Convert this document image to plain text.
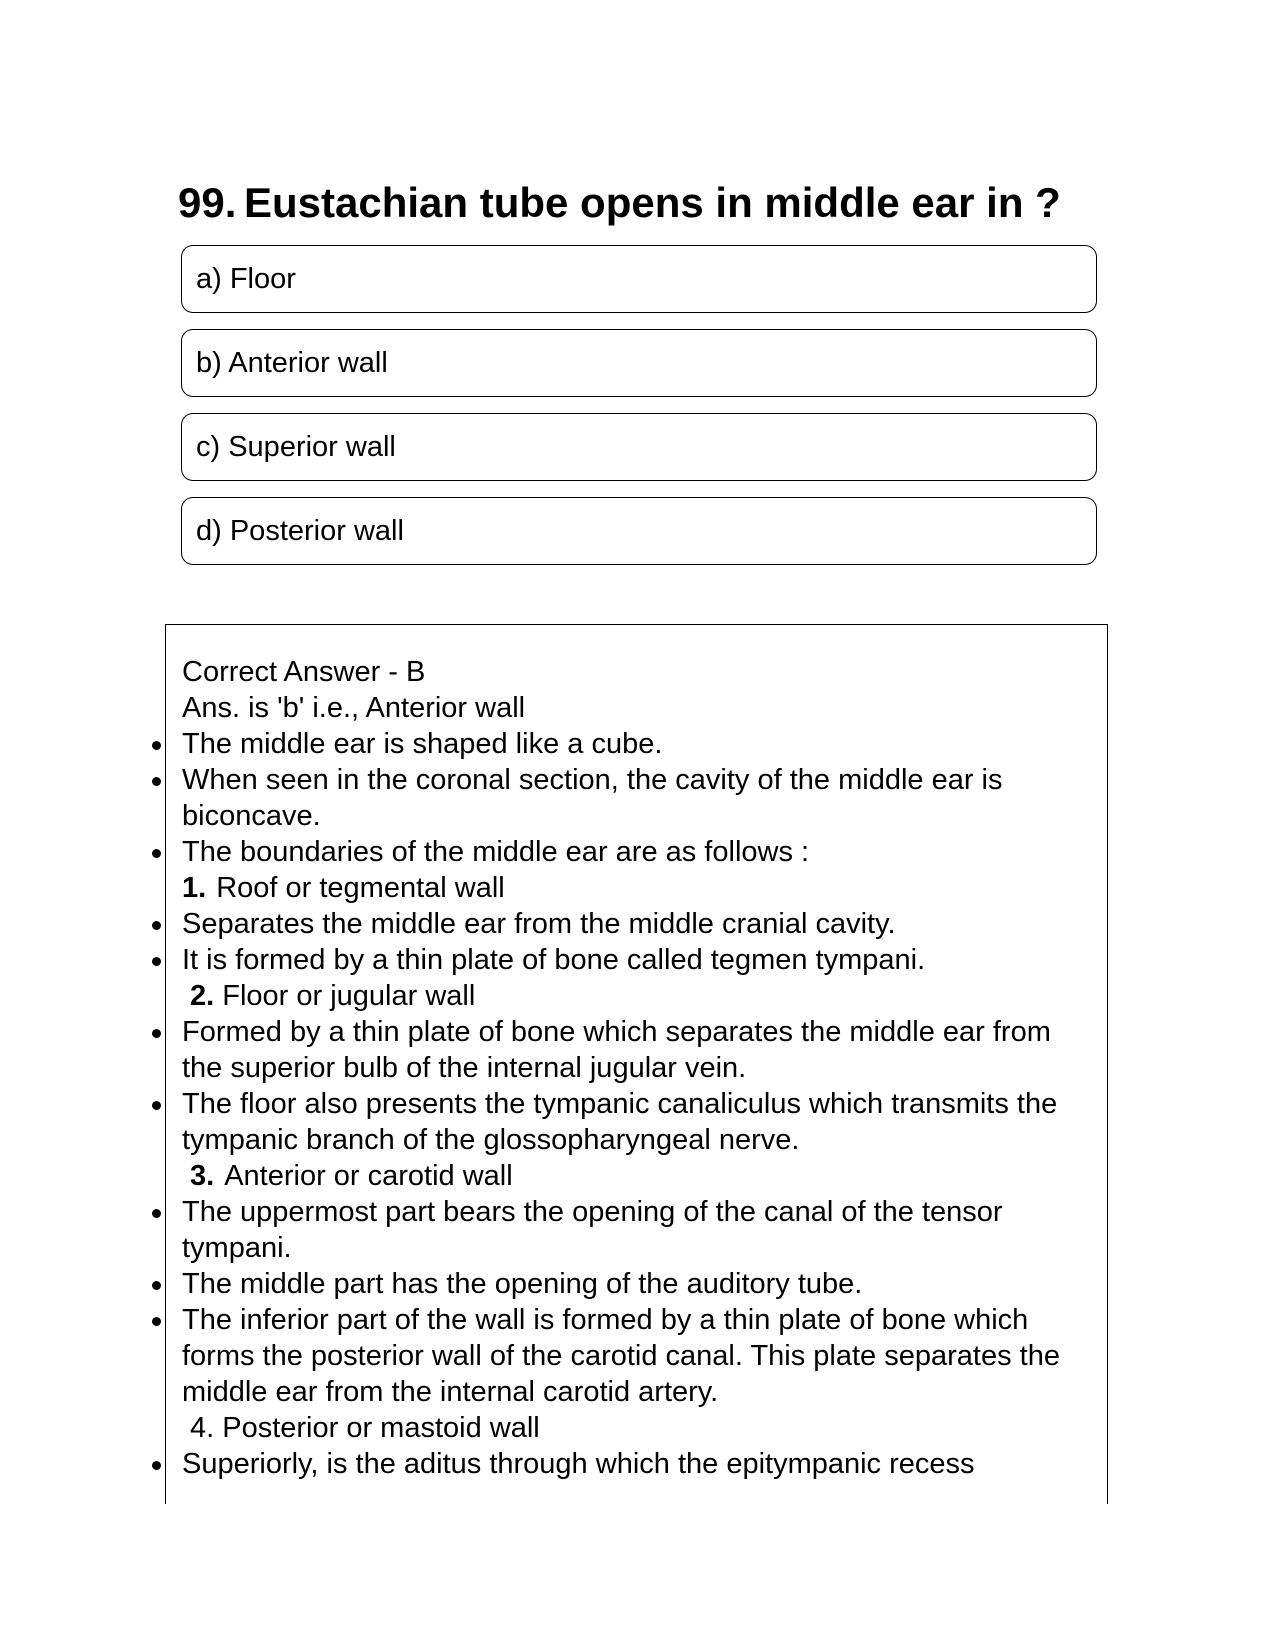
99. Eustachian tube opens in middle ear in ?
a) Floor
b) Anterior wall
c) Superior wall
d) Posterior wall
Correct Answer - B
Ans. is 'b' i.e., Anterior wall
The middle ear is shaped like a cube.
When seen in the coronal section, the cavity of the middle ear is
biconcave.
The boundaries of the middle ear are as follows :
1. Roof or tegmental wall
Separates the middle ear from the middle cranial cavity.
It is formed by a thin plate of bone called tegmen tympani.
2. Floor or jugular wall
Formed by a thin plate of bone which separates the middle ear from
the superior bulb of the internal jugular vein.
The floor also presents the tympanic canaliculus which transmits the
tympanic branch of the glossopharyngeal nerve.
3. Anterior or carotid wall
The uppermost part bears the opening of the canal of the tensor
tympani.
The middle part has the opening of the auditory tube.
The inferior part of the wall is formed by a thin plate of bone which
forms the posterior wall of the carotid canal. This plate separates the
middle ear from the internal carotid artery.
4. Posterior or mastoid wall
Superiorly, is the aditus through which the epitympanic recess
